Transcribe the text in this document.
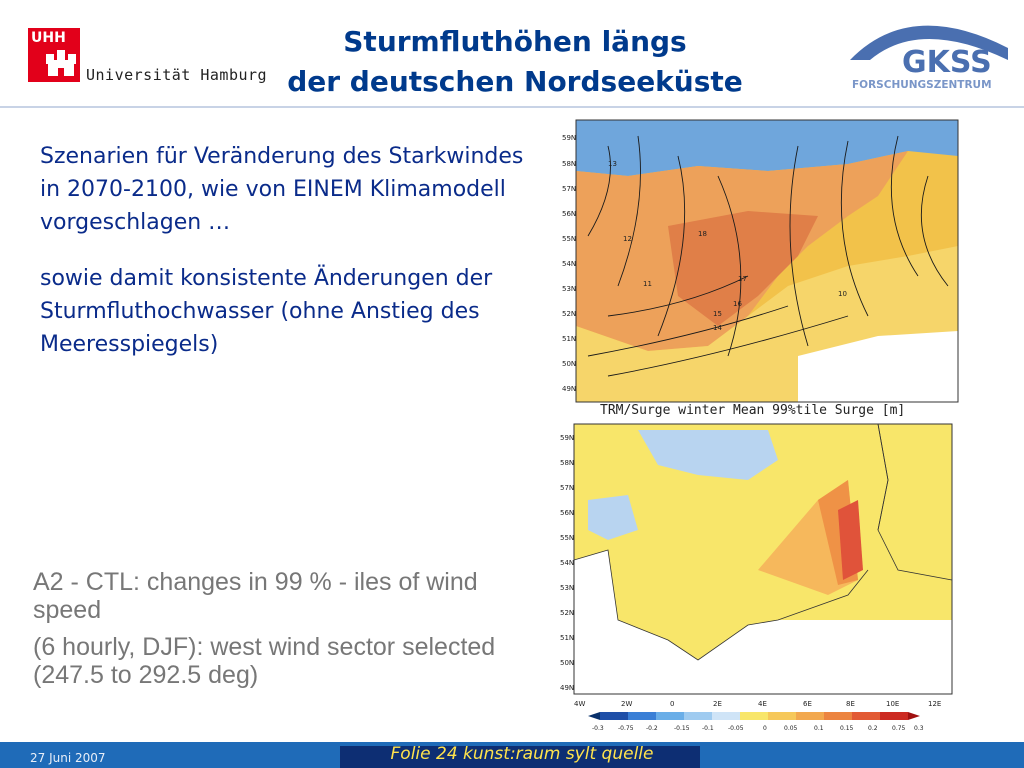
UHH
Universität Hamburg
Sturmfluthöhen längs
der deutschen Nordseeküste
GKSS
FORSCHUNGSZENTRUM

Szenarien für Veränderung des Starkwindes in 2070-2100, wie von EINEM Klimamodell vorgeschlagen …

sowie damit konsistente Änderungen der Sturmfluthochwasser (ohne Anstieg des Meeresspiegels)

A2 - CTL: changes in 99 % - iles of wind speed

(6 hourly, DJF): west wind sector selected (247.5 to 292.5 deg)

59N
58N
57N
56N
55N
54N
53N
52N
51N
50N
49N
17
18
16
15
14
13
12
11
10
TRM/Surge winter Mean 99%tile Surge [m]
59N
58N
57N
56N
55N
54N
53N
52N
51N
50N
49N
4W	2W	0	2E	4E	6E	8E	10E	12E
-0.3 -0.75 -0.2	-0.15 -0.1 -0.05	0	0.05	0.1	0.15 0.2 0.75 0.3
27 Juni 2007	Folie 24 kunst:raum sylt quelle
